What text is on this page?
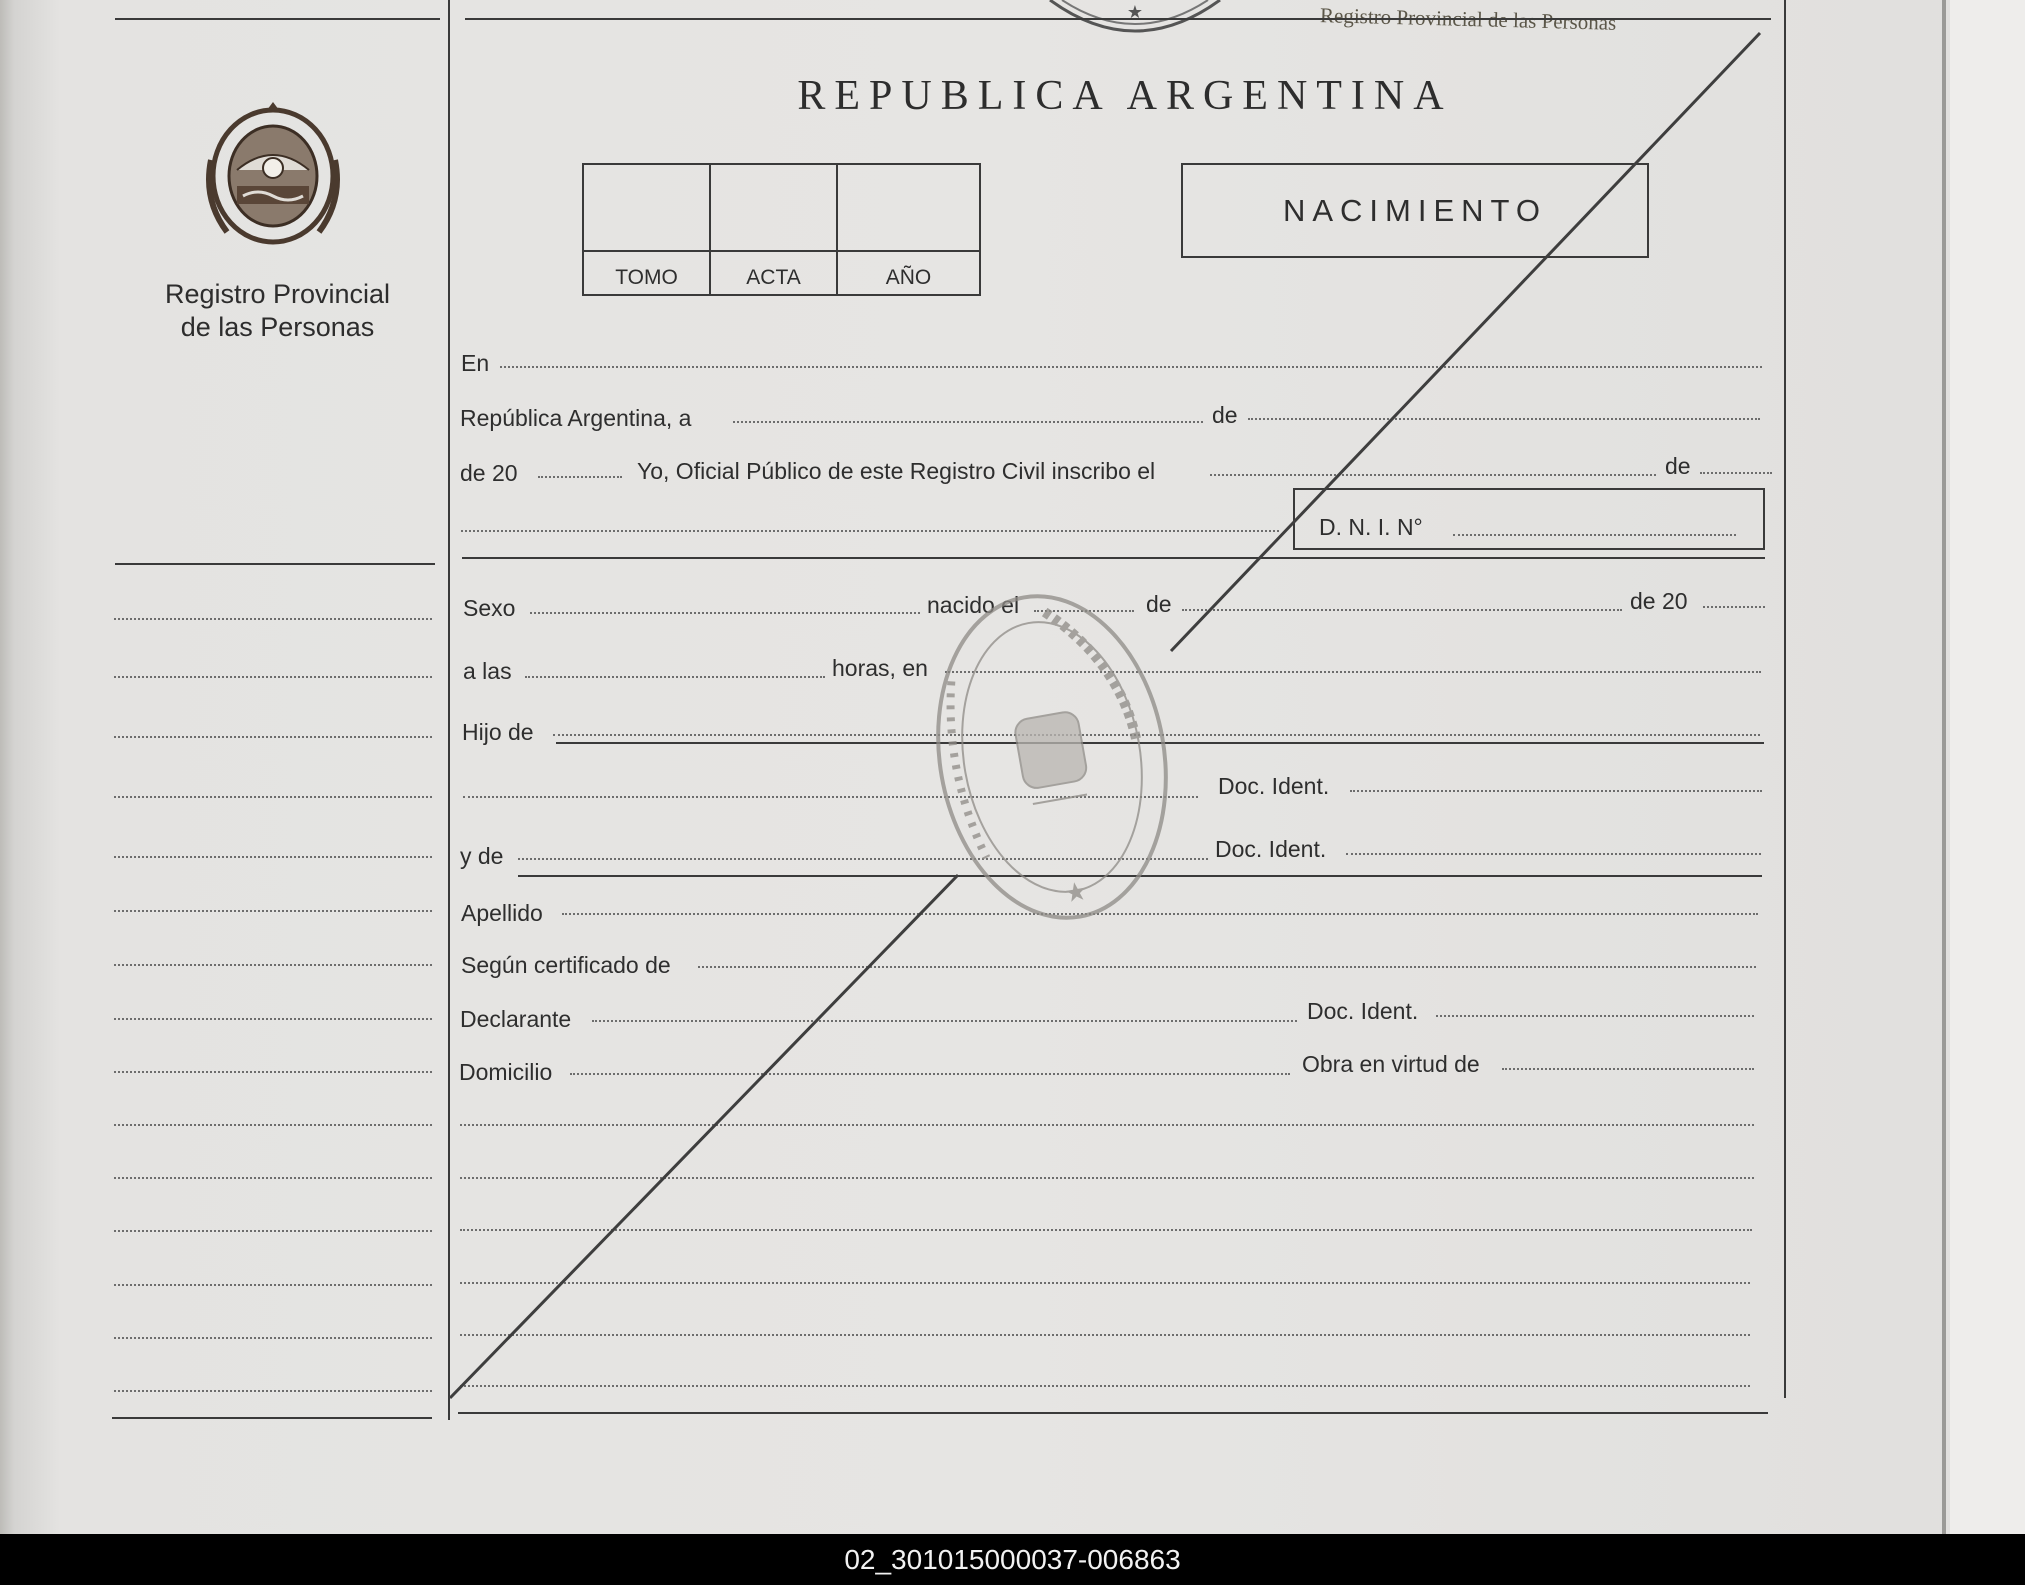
★	Registro Provincial de las Personas
Registro Provincial
de las Personas
REPUBLICA ARGENTINA
TOMO	ACTA	AÑO
NACIMIENTO
En
República Argentina, a	de
de 20	Yo, Oficial Público de este Registro Civil inscribo el	de
D. N. I. N°
Sexo	nacido el	de	de 20
a las	horas, en
Hijo de
Doc. Ident.
y de	Doc. Ident.
Apellido
Según certificado de
Declarante	Doc. Ident.
Domicilio	Obra en virtud de
★
02_301015000037-006863
